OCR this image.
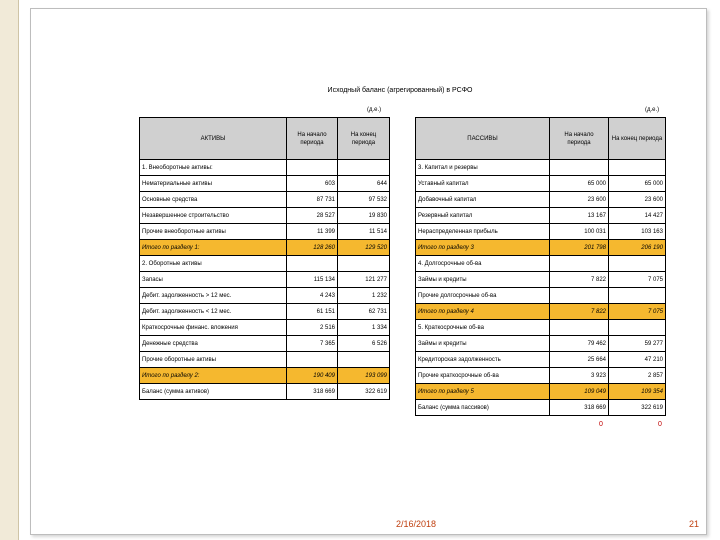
Исходный баланс (агрегированный) в РСФО
(д.е.)	(д.е.)
АКТИВЫ	На начало периода	На конец периода
1. Внеоборотные активы:		
Нематериальные активы	603	644
Основные средства	87 731	97 532
Незавершенное строительство	28 527	19 830
Прочие внеоборотные активы	11 399	11 514
Итого по разделу 1:	128 260	129 520
2. Оборотные активы		
Запасы	115 134	121 277
Дебит. задолженность > 12 мес.	4 243	1 232
Дебит. задолженность < 12 мес.	61 151	62 731
Краткосрочные финанс. вложения	2 516	1 334
Денежные средства	7 365	6 526
Прочие оборотные активы		
Итого по разделу 2:	190 409	193 099
Баланс (сумма активов)	318 669	322 619
ПАССИВЫ	На начало периода	На конец периода
3. Капитал и резервы		
Уставный капитал	65 000	65 000
Добавочный капитал	23 600	23 600
Резервный капитал	13 167	14 427
Нераспределенная прибыль	100 031	103 163
Итого по разделу 3	201 798	206 190
4. Долгосрочные об-ва		
Займы и кредиты	7 822	7 075
Прочие долгосрочные об-ва		
Итого по разделу 4	7 822	7 075
5. Краткосрочные об-ва		
Займы и кредиты	79 462	59 277
Кредиторская задолженность	25 664	47 210
Прочие краткосрочные об-ва	3 923	2 857
Итого по разделу 5	109 049	109 354
Баланс (сумма пассивов)	318 669	322 619
0	0
2/16/2018	21
